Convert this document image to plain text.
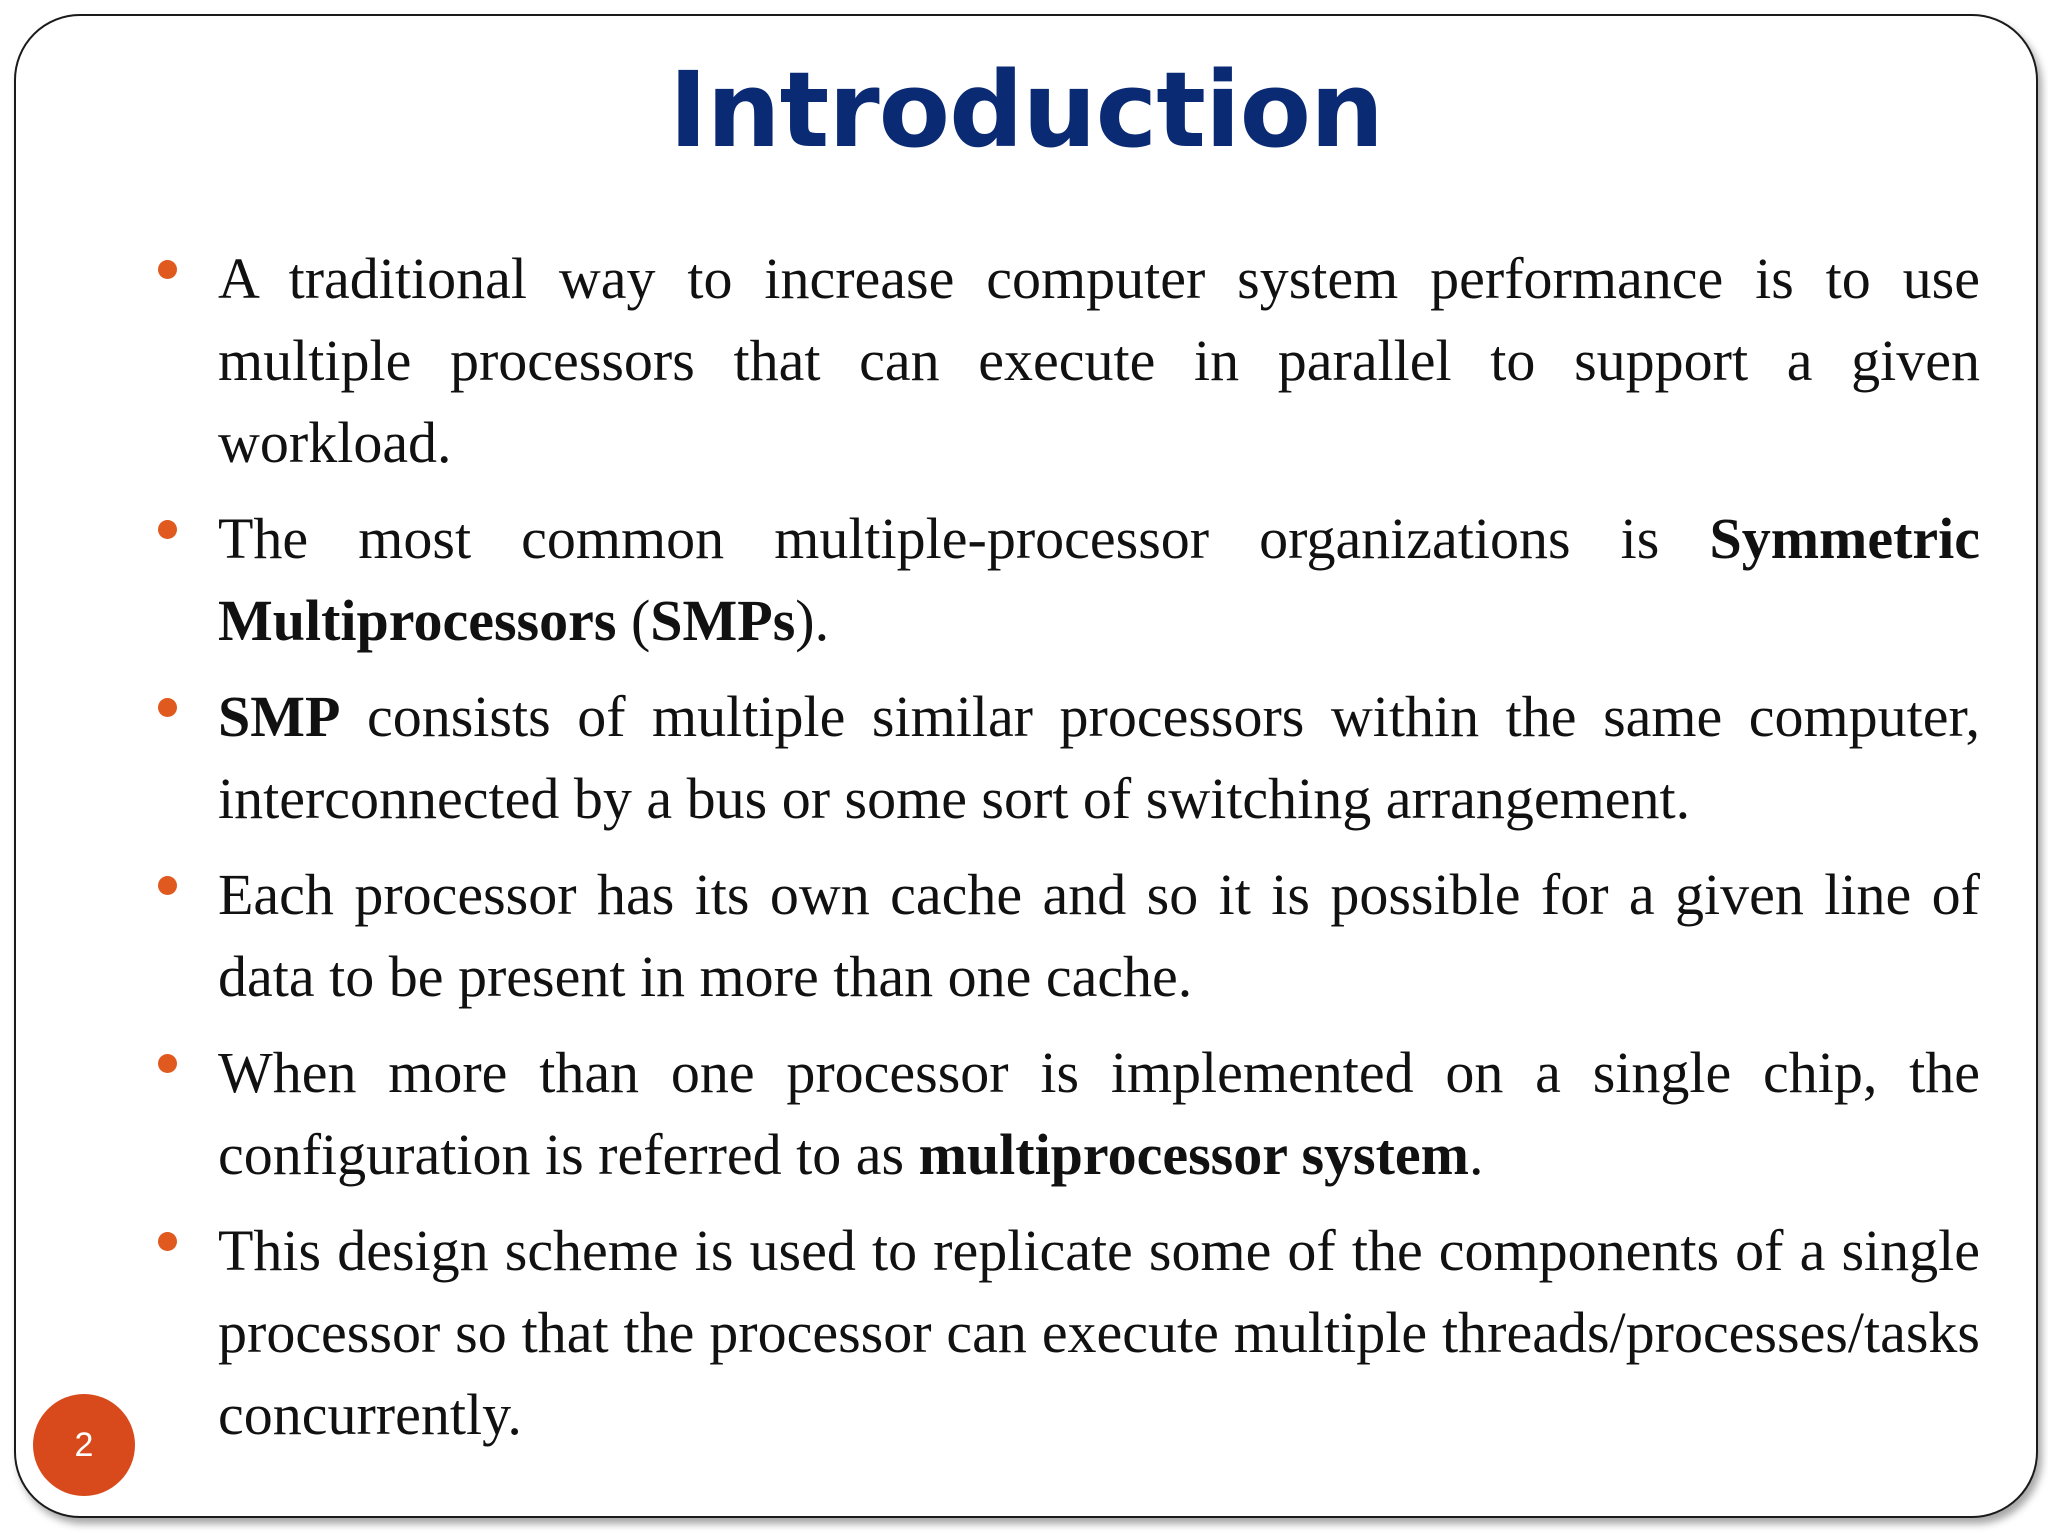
Introduction
A traditional way to increase computer system performance is to use multiple processors that can execute in parallel to support a given workload.
The most common multiple-processor organizations is Symmetric Multiprocessors (SMPs).
SMP consists of multiple similar processors within the same computer, interconnected by a bus or some sort of switching arrangement.
Each processor has its own cache and so it is possible for a given line of data to be present in more than one cache.
When more than one processor is implemented on a single chip, the configuration is referred to as multiprocessor system.
This design scheme is used to replicate some of the components of a single processor so that the processor can execute multiple threads/processes/tasks concurrently.
2
